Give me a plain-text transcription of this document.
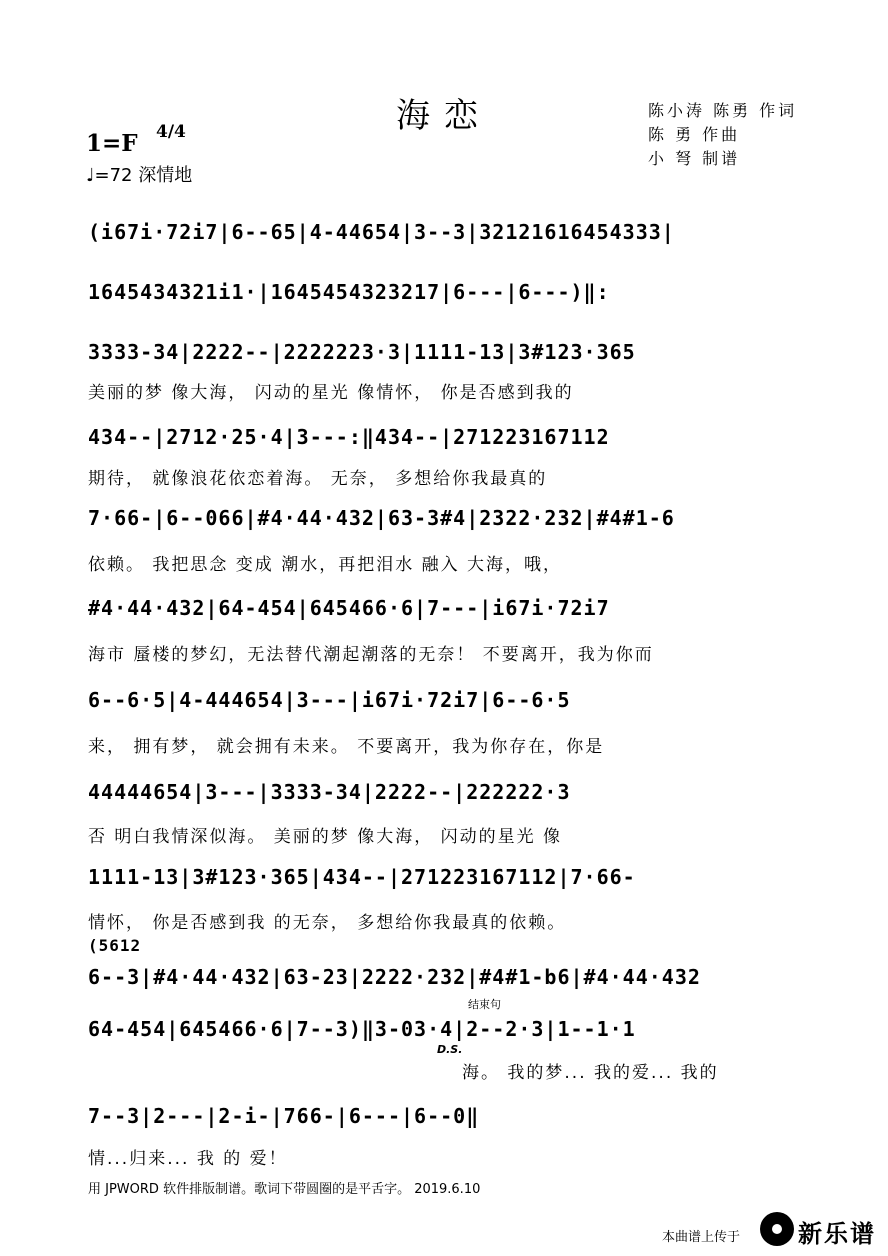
海恋	陈小涛 陈勇 作词
陈 勇 作曲
小 弩 制谱
1=F 4/4
♩=72 深情地
(i67i·72i7|6--65|4-44654|3--3|32121616454333|
1645434321i1·|1645454323217|6---|6---)‖:
3333-34|2222--|2222223·3|1111-13|3#123·365
美丽的梦 像大海， 闪动的星光 像情怀， 你是否感到我的
434--|2712·25·4|3---:‖434--|271223167112
期待， 就像浪花依恋着海。 无奈， 多想给你我最真的
7·66-|6--066|#4·44·432|63-3#4|2322·232|#4#1-6
依赖。 我把思念 变成 潮水，再把泪水 融入 大海，哦，
#4·44·432|64-454|645466·6|7---|i67i·72i7
海市 蜃楼的梦幻，无法替代潮起潮落的无奈！ 不要离开，我为你而
6--6·5|4-444654|3---|i67i·72i7|6--6·5
来， 拥有梦， 就会拥有未来。 不要离开，我为你存在，你是
44444654|3---|3333-34|2222--|222222·3
否 明白我情深似海。 美丽的梦 像大海， 闪动的星光 像
1111-13|3#123·365|434--|271223167112|7·66-
情怀， 你是否感到我 的无奈， 多想给你我最真的依赖。
6--3|#4·44·432|63-23|2222·232|#4#1-b6|#4·44·432
64-454|645466·6|7--3)‖3-03·4|2--2·3|1--1·1
海。 我的梦... 我的爱... 我的
7--3|2---|2-i-|766-|6---|6--0‖
情...归来... 我 的 爱！
(5612
结束句
D.S.
用 JPWORD 软件排版制谱。歌词下带圆圈的是平舌字。 2019.6.10
本曲谱上传于 新乐谱
